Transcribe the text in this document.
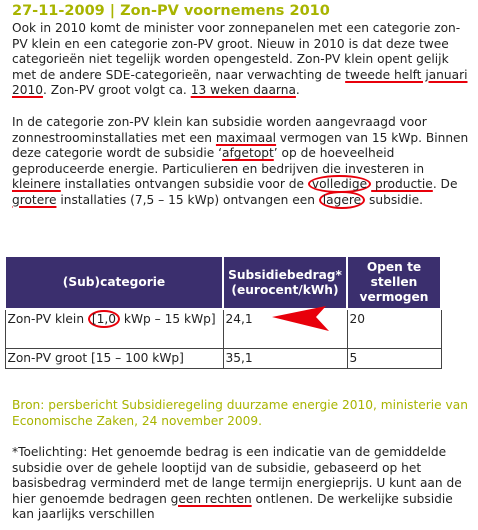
27-11-2009 | Zon-PV voornemens 2010

Ook in 2010 komt de minister voor zonnepanelen met een categorie zon-PV klein en een categorie zon-PV groot. Nieuw in 2010 is dat deze twee categorieën niet tegelijk worden opengesteld. Zon-PV klein opent gelijk met de andere SDE-categorieën, naar verwachting de tweede helft januari 2010. Zon-PV groot volgt ca. 13 weken daarna.

In de categorie zon-PV klein kan subsidie worden aangevraagd voor zonnestroominstallaties met een maximaal vermogen van 15 kWp. Binnen deze categorie wordt de subsidie ‘afgetopt’ op de hoeveelheid geproduceerde energie. Particulieren en bedrijven die investeren in kleinere installaties ontvangen subsidie voor de volledige productie. De grotere installaties (7,5 – 15 kWp) ontvangen een lagere subsidie.

(Sub)categorie	Subsidiebedrag* (eurocent/kWh)	Open te stellen vermogen
Zon-PV klein [1,0 kWp – 15 kWp]	24,1	20
Zon-PV groot [15 – 100 kWp]	35,1	5

Bron: persbericht Subsidieregeling duurzame energie 2010, ministerie van Economische Zaken, 24 november 2009.

*Toelichting: Het genoemde bedrag is een indicatie van de gemiddelde subsidie over de gehele looptijd van de subsidie, gebaseerd op het basisbedrag verminderd met de lange termijn energieprijs. U kunt aan de hier genoemde bedragen geen rechten ontlenen. De werkelijke subsidie kan jaarlijks verschillen
